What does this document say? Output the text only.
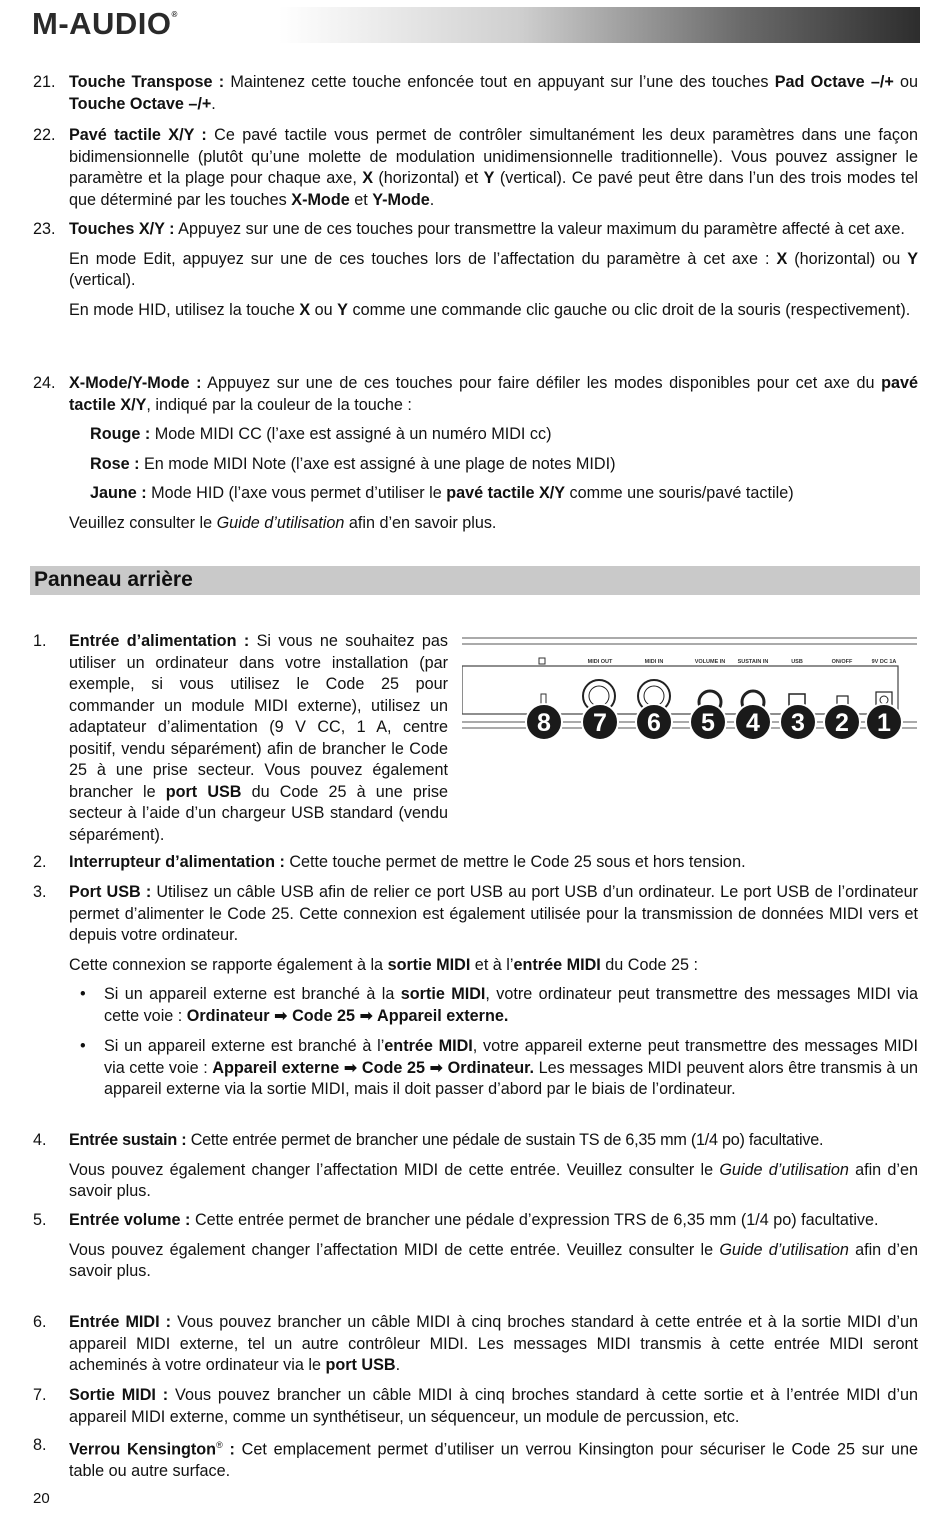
M-AUDIO®
21. Touche Transpose : Maintenez cette touche enfoncée tout en appuyant sur l’une des touches Pad Octave –/+ ou Touche Octave –/+.
22. Pavé tactile X/Y : Ce pavé tactile vous permet de contrôler simultanément les deux paramètres dans une façon bidimensionnelle (plutôt qu’une molette de modulation unidimensionnelle traditionnelle). Vous pouvez assigner le paramètre et la plage pour chaque axe, X (horizontal) et Y (vertical). Ce pavé peut être dans l’un des trois modes tel que déterminé par les touches X-Mode et Y-Mode.
23. Touches X/Y : Appuyez sur une de ces touches pour transmettre la valeur maximum du paramètre affecté à cet axe.
En mode Edit, appuyez sur une de ces touches lors de l’affectation du paramètre à cet axe : X (horizontal) ou Y (vertical).
En mode HID, utilisez la touche X ou Y comme une commande clic gauche ou clic droit de la souris (respectivement).
24. X-Mode/Y-Mode : Appuyez sur une de ces touches pour faire défiler les modes disponibles pour cet axe du pavé tactile X/Y, indiqué par la couleur de la touche :
Rouge : Mode MIDI CC (l’axe est assigné à un numéro MIDI cc)
Rose : En mode MIDI Note (l’axe est assigné à une plage de notes MIDI)
Jaune : Mode HID (l’axe vous permet d’utiliser le pavé tactile X/Y comme une souris/pavé tactile)
Veuillez consulter le Guide d’utilisation afin d’en savoir plus.
Panneau arrière
MIDI OUT	MIDI IN	VOLUME IN SUSTAIN IN	USB	ON/OFF	9V DC 1A
8 7 6 5 4 3 2 1
1.	Entrée d’alimentation : Si vous ne souhaitez pas utiliser un ordinateur dans votre installation (par exemple, si vous utilisez le Code 25 pour commander un module MIDI externe), utilisez un adaptateur d’alimentation (9 V CC, 1 A, centre positif, vendu séparément) afin de brancher le Code 25 à une prise secteur. Vous pouvez également brancher le port USB du Code 25 à une prise secteur à l’aide d’un chargeur USB standard (vendu séparément).
2.	Interrupteur d’alimentation : Cette touche permet de mettre le Code 25 sous et hors tension.
3.	Port USB : Utilisez un câble USB afin de relier ce port USB au port USB d’un ordinateur. Le port USB de l’ordinateur permet d’alimenter le Code 25. Cette connexion est également utilisée pour la transmission de données MIDI vers et depuis votre ordinateur.
Cette connexion se rapporte également à la sortie MIDI et à l’entrée MIDI du Code 25 :
• Si un appareil externe est branché à la sortie MIDI, votre ordinateur peut transmettre des messages MIDI via cette voie : Ordinateur ➡ Code 25 ➡ Appareil externe.
• Si un appareil externe est branché à l’entrée MIDI, votre appareil externe peut transmettre des messages MIDI via cette voie : Appareil externe ➡ Code 25 ➡ Ordinateur. Les messages MIDI peuvent alors être transmis à un appareil externe via la sortie MIDI, mais il doit passer d’abord par le biais de l’ordinateur.
4.	Entrée sustain : Cette entrée permet de brancher une pédale de sustain TS de 6,35 mm (1/4 po) facultative.
Vous pouvez également changer l’affectation MIDI de cette entrée. Veuillez consulter le Guide d’utilisation afin d’en savoir plus.
5.	Entrée volume : Cette entrée permet de brancher une pédale d’expression TRS de 6,35 mm (1/4 po) facultative.
Vous pouvez également changer l’affectation MIDI de cette entrée. Veuillez consulter le Guide d’utilisation afin d’en savoir plus.
6.	Entrée MIDI : Vous pouvez brancher un câble MIDI à cinq broches standard à cette entrée et à la sortie MIDI d’un appareil MIDI externe, tel un autre contrôleur MIDI. Les messages MIDI transmis à cette entrée MIDI seront acheminés à votre ordinateur via le port USB.
7.	Sortie MIDI : Vous pouvez brancher un câble MIDI à cinq broches standard à cette sortie et à l’entrée MIDI d’un appareil MIDI externe, comme un synthétiseur, un séquenceur, un module de percussion, etc.
8.	Verrou Kensington® : Cet emplacement permet d’utiliser un verrou Kinsington pour sécuriser le Code 25 sur une table ou autre surface.
20
